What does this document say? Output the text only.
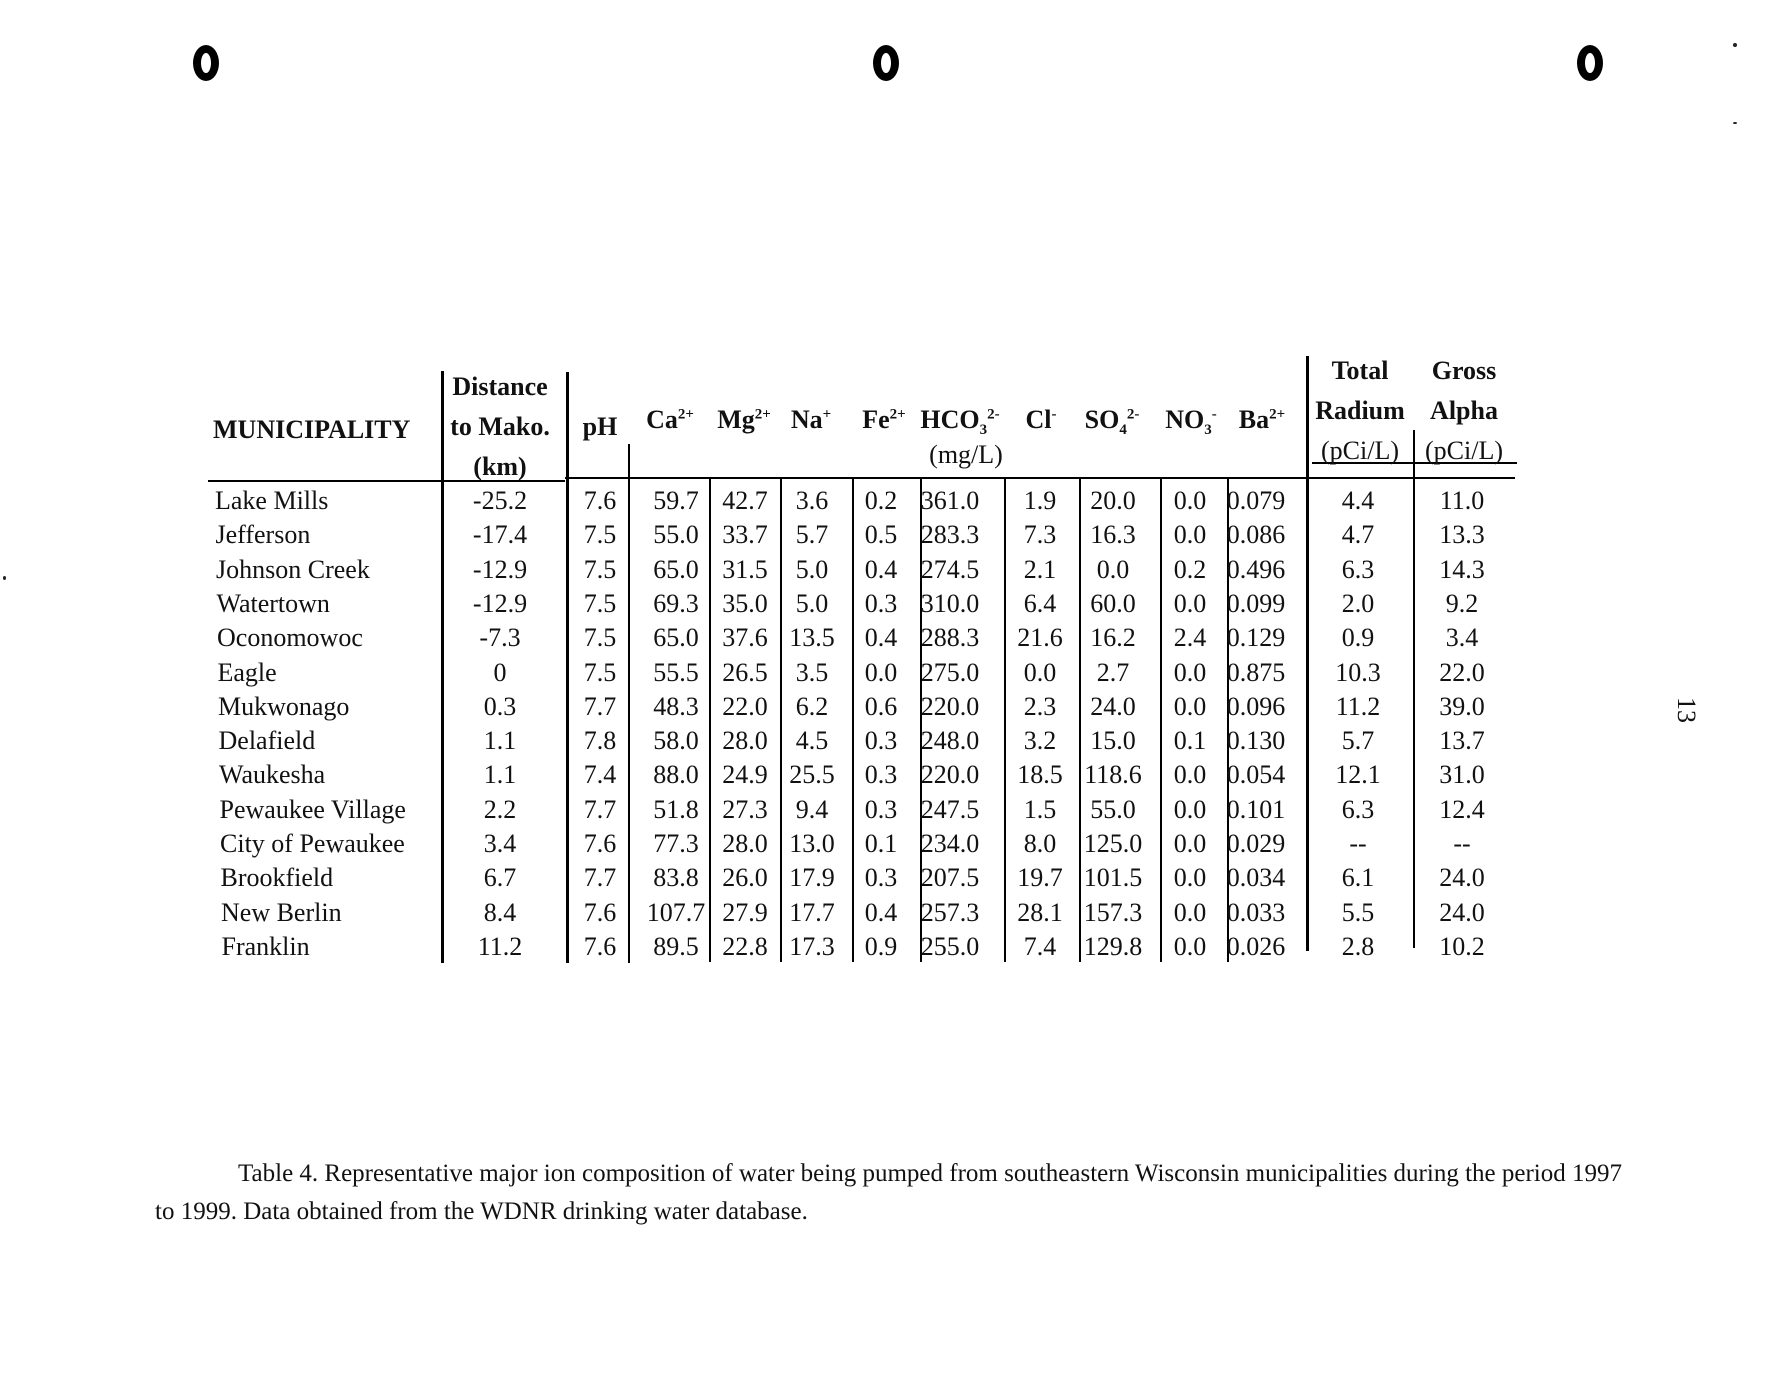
13
MUNICIPALITY
Distance
to Mako.
(km)
pH $Ca^{2+}$ $Mg^{2+}$ Na+ $Fe^{2+}$ $HCO_3^{2-}$ Cl- $SO_4^{2-}$ $NO_3^-$ $Ba^{2+}$
(mg/L)
Total
Radium
(pCi/L)
Gross
Alpha
(pCi/L)
Lake Mills	-25.2 7.6 59.7 42.7 3.6 0.2 361.0 1.9 20.0 0.0 0.079 4.4	11.0
Jefferson	-17.4 7.5 55.0 33.7 5.7 0.5 283.3 7.3 16.3 0.0 0.086 4.7	13.3
Johnson Creek	-12.9 7.5 65.0 31.5 5.0 0.4 274.5 2.1 0.0 0.2 0.496 6.3	14.3
Watertown	-12.9 7.5 69.3 35.0 5.0 0.3 310.0 6.4 60.0 0.0 0.099 2.0	9.2
Oconomowoc	-7.3 7.5 65.0 37.6 13.5 0.4 288.3 21.6 16.2 2.4 0.129 0.9	3.4
Eagle	0	7.5 55.5 26.5 3.5 0.0 275.0 0.0 2.7 0.0 0.875 10.3 22.0
Mukwonago	0.3	7.7 48.3 22.0 6.2 0.6 220.0 2.3 24.0 0.0 0.096 11.2 39.0
Delafield	1.1	7.8 58.0 28.0 4.5 0.3 248.0 3.2 15.0 0.1 0.130 5.7	13.7
Waukesha	1.1	7.4 88.0 24.9 25.5 0.3 220.0 18.5 118.6 0.0 0.054 12.1 31.0
Pewaukee Village	2.2	7.7 51.8 27.3 9.4 0.3 247.5 1.5 55.0 0.0 0.101 6.3	12.4
City of Pewaukee	3.4	7.6 77.3 28.0 13.0 0.1 234.0 8.0 125.0 0.0 0.029 --	--
Brookfield	6.7	7.7 83.8 26.0 17.9 0.3 207.5 19.7 101.5 0.0 0.034 6.1	24.0
New Berlin	8.4	7.6 107.7 27.9 17.7 0.4 257.3 28.1 157.3 0.0 0.033 5.5	24.0
Franklin	11.2 7.6 89.5 22.8 17.3 0.9 255.0 7.4 129.8 0.0 0.026 2.8	10.2
Table 4. Representative major ion composition of water being pumped from southeastern Wisconsin municipalities during the period 1997 to 1999. Data obtained from the WDNR drinking water database.
